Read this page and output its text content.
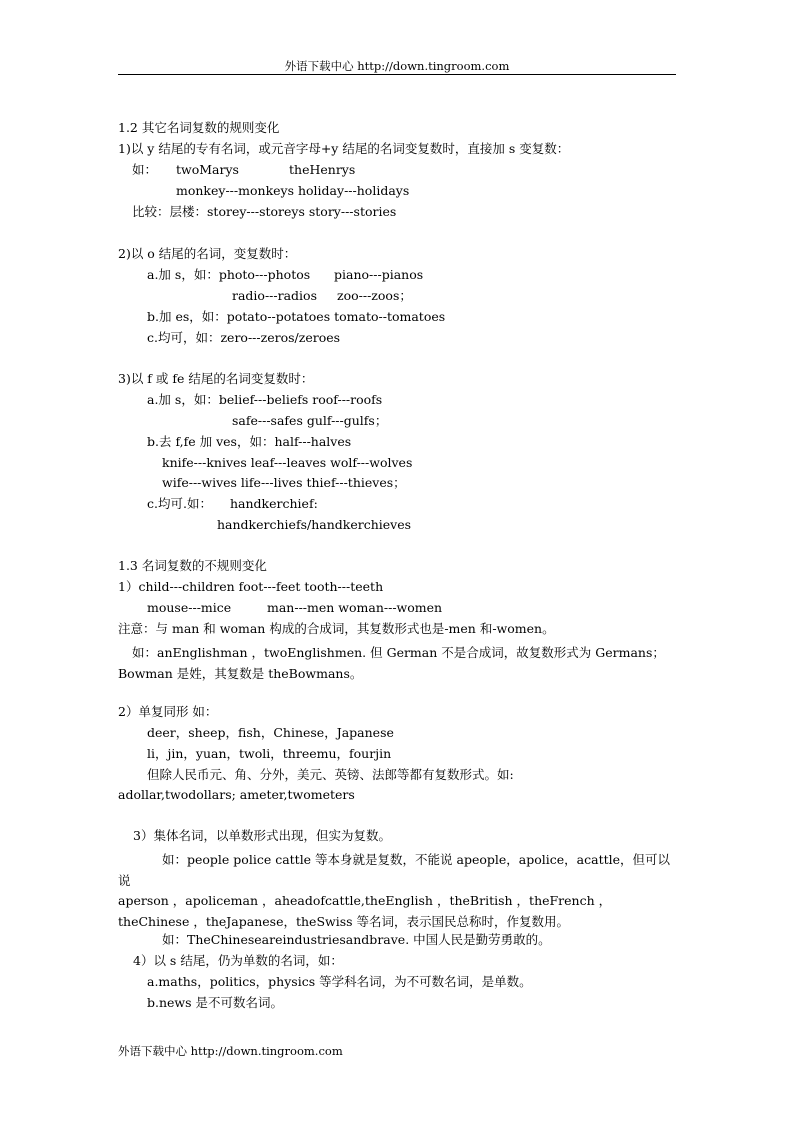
外语下载中心 http://down.tingroom.com
1.2 其它名词复数的规则变化
1)以 y 结尾的专有名词，或元音字母+y 结尾的名词变复数时，直接加 s 变复数：
如： twoMarys	theHenrys
monkey---monkeys holiday---holidays
比较：层楼：storey---storeys story---stories
2)以 o 结尾的名词，变复数时：
a.加 s，如：photo---photos piano---pianos
radio---radios zoo---zoos；
b.加 es，如：potato--potatoes tomato--tomatoes
c.均可，如：zero---zeros/zeroes
3)以 f 或 fe 结尾的名词变复数时：
a.加 s，如：belief---beliefs roof---roofs
safe---safes gulf---gulfs；
b.去 f,fe 加 ves，如：half---halves
knife---knives leaf---leaves wolf---wolves
wife---wives life---lives thief---thieves；
c.均可.如： handkerchief:
handkerchiefs/handkerchieves
1.3 名词复数的不规则变化
1）child---children foot---feet tooth---teeth
mouse---mice	man---men woman---women
注意：与 man 和 woman 构成的合成词，其复数形式也是-men 和-women。
如：anEnglishman ，twoEnglishmen. 但 German 不是合成词，故复数形式为 Germans；Bowman 是姓，其复数是 theBowmans。
2）单复同形 如：
deer，sheep，fish，Chinese，Japanese
li，jin，yuan，twoli，threemu，fourjin
但除人民币元、角、分外，美元、英镑、法郎等都有复数形式。如:
adollar,twodollars; ameter,twometers
3）集体名词，以单数形式出现，但实为复数。
如：people police cattle 等本身就是复数，不能说 apeople，apolice，acattle，但可以说
aperson ，apoliceman ，aheadofcattle,theEnglish ，theBritish ，theFrench ，theChinese ，theJapanese，theSwiss 等名词，表示国民总称时，作复数用。
如：TheChineseareindustriesandbrave. 中国人民是勤劳勇敢的。
4）以 s 结尾，仍为单数的名词，如：
a.maths，politics，physics 等学科名词，为不可数名词，是单数。
b.news 是不可数名词。
外语下载中心 http://down.tingroom.com
